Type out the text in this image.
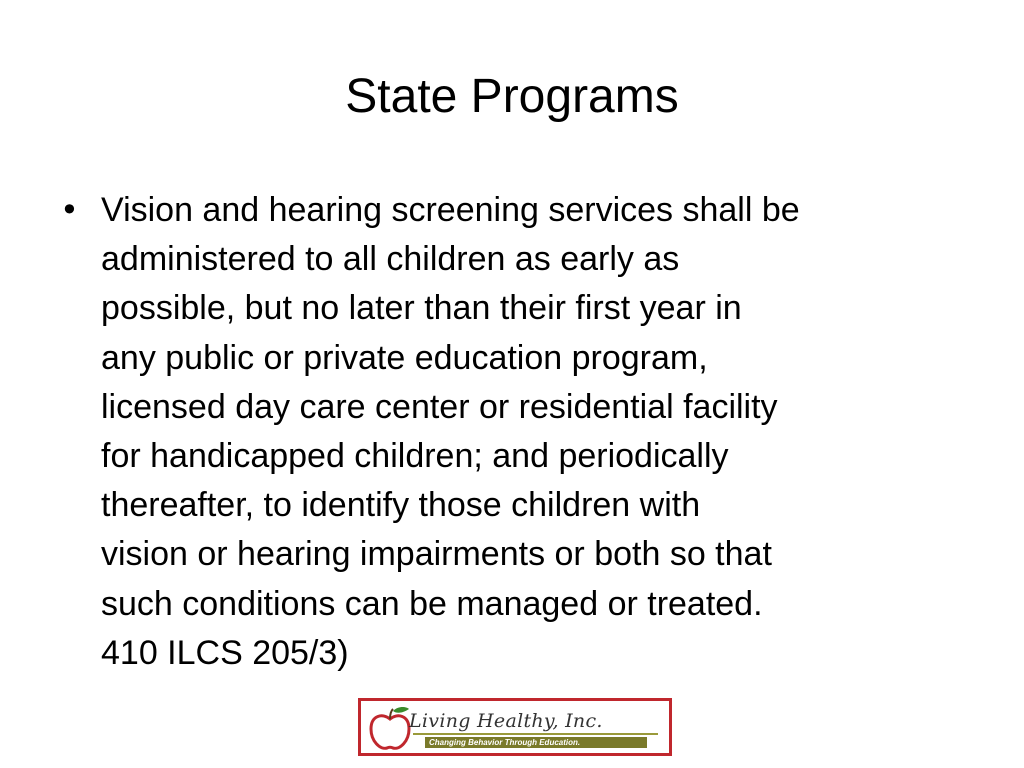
State Programs
• Vision and hearing screening services shall be
administered to all children as early as
possible, but no later than their first year in
any public or private education program,
licensed day care center or residential facility
for handicapped children; and periodically
thereafter, to identify those children with
vision or hearing impairments or both so that
such conditions can be managed or treated.
410 ILCS 205/3)
Living Healthy, Inc.
Changing Behavior Through Education.
